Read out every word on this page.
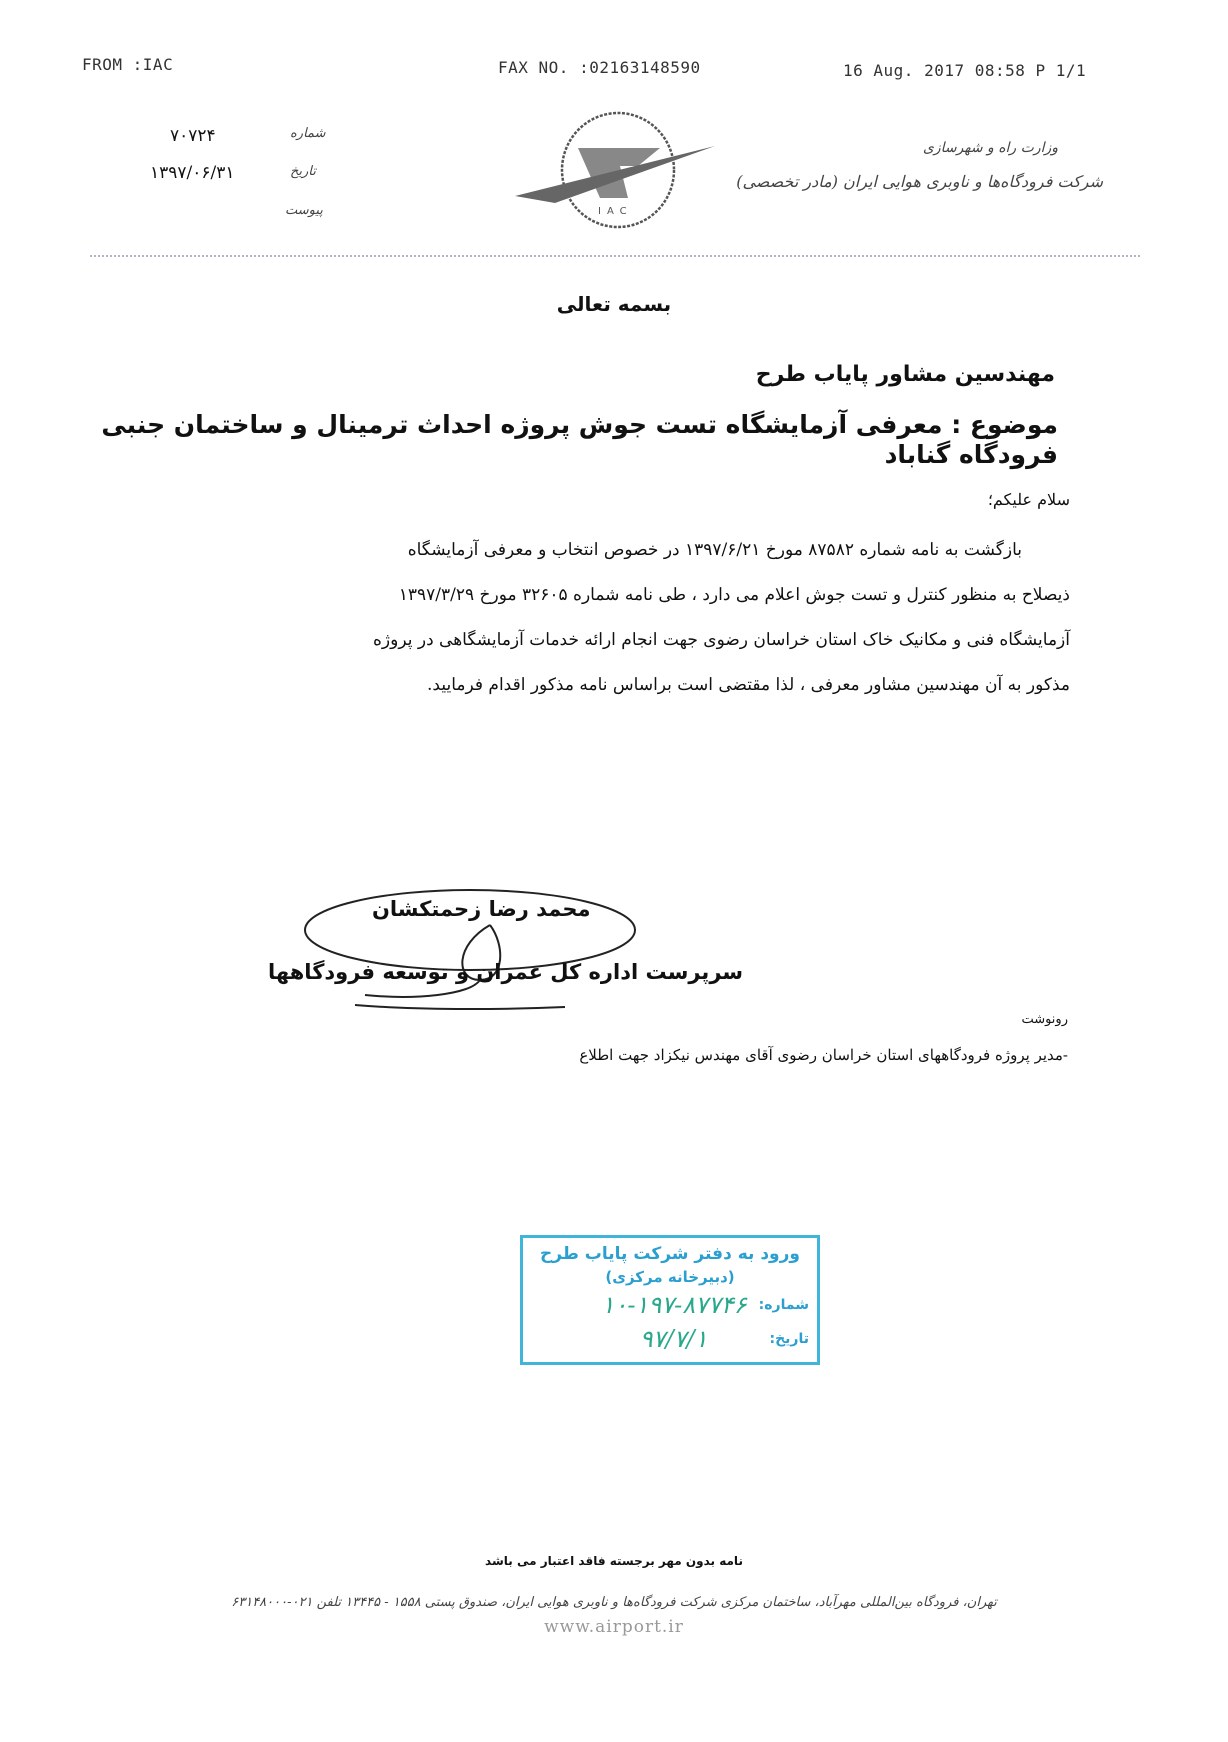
FROM :IAC	FAX NO. :02163148590	16 Aug. 2017 08:58 P 1/1
شماره
۷۰۷۲۴
تاریخ
۱۳۹۷/۰۶/۳۱
پیوست	IAC
وزارت راه و شهرسازی
شرکت فرودگاه‌ها و ناوبری هوایی ایران (مادر تخصصی)
بسمه تعالی
مهندسین مشاور پایاب طرح
موضوع : معرفی آزمایشگاه تست جوش پروژه احداث ترمینال و ساختمان جنبی فرودگاه گناباد
سلام علیکم؛
بازگشت به نامه شماره ۸۷۵۸۲ مورخ ۱۳۹۷/۶/۲۱ در خصوص انتخاب و معرفی آزمایشگاه
ذیصلاح به منظور کنترل و تست جوش اعلام می دارد ، طی نامه شماره ۳۲۶۰۵ مورخ ۱۳۹۷/۳/۲۹
آزمایشگاه فنی و مکانیک خاک استان خراسان رضوی جهت انجام ارائه خدمات آزمایشگاهی در پروژه
مذکور به آن مهندسین مشاور معرفی ، لذا مقتضی است براساس نامه مذکور اقدام فرمایید.
محمد رضا زحمتکشان
سرپرست اداره کل عمران و توسعه فرودگاهها
رونوشت
-مدیر پروژه فرودگاههای استان خراسان رضوی آقای مهندس نیکزاد جهت اطلاع
ورود به دفتر شرکت پایاب طرح
(دبیرخانه مرکزی)
شماره:
۱۰-۱۹۷-۸۷۷۴۶
تاریخ:
۹۷/۷/۱
نامه بدون مهر برجسته فاقد اعتبار می باشد
تهران، فرودگاه بین‌المللی مهرآباد، ساختمان مرکزی شرکت فرودگاه‌ها و ناوبری هوایی ایران، صندوق پستی ۱۵۵۸ - ۱۳۴۴۵ تلفن ۰۲۱-۶۳۱۴۸۰۰۰
www.airport.ir
